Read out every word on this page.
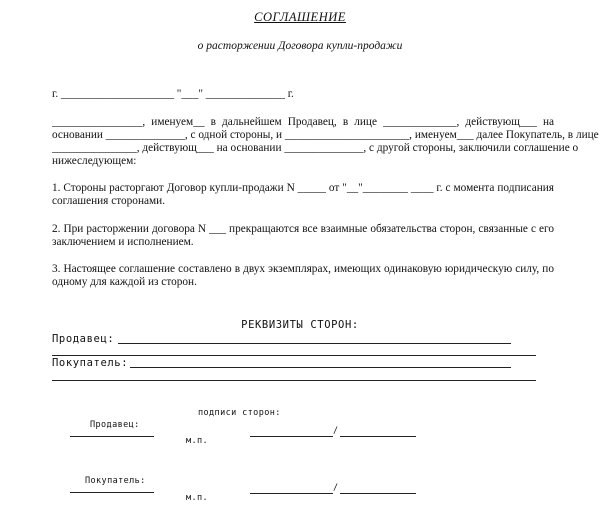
СОГЛАШЕНИЕ
о расторжении Договора купли-продажи
г. ____________________ "___" ______________ г.
________________, именуем__ в дальнейшем Продавец, в лице _____________, действующ___ на
основании ______________, с одной стороны, и ______________________, именуем___ далее Покупатель, в лице
_______________, действующ___ на основании ______________, с другой стороны, заключили соглашение о
нижеследующем:
1. Стороны расторгают Договор купли-продажи N _____ от "__"________ ____ г. с момента подписания
соглашения сторонами.
2. При расторжении договора N ___ прекращаются все взаимные обязательства сторон, связанные с его
заключением и исполнением.
3. Настоящее соглашение составлено в двух экземплярах, имеющих одинаковую юридическую силу, по
одному для каждой из сторон.
РЕКВИЗИТЫ СТОРОН:
Продавец:
Покупатель:
подписи сторон:
Продавец:
/
м.п.
Покупатель:
/
м.п.
